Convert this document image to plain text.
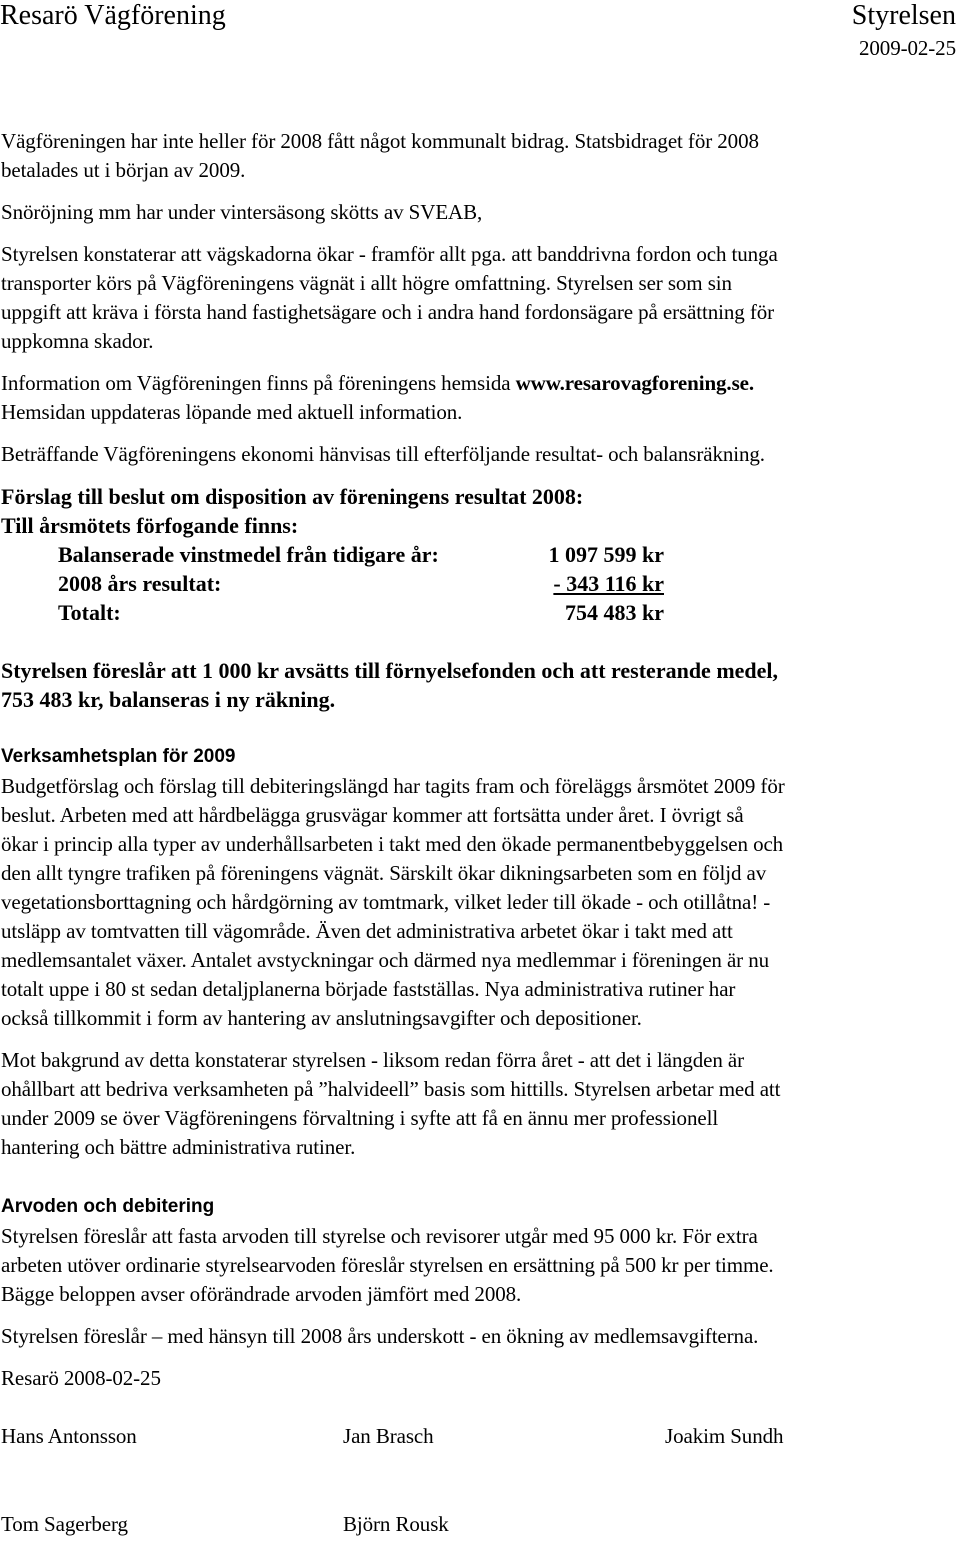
Resarö Vägförening	Styrelsen
2009-02-25
Vägföreningen har inte heller för 2008 fått något kommunalt bidrag. Statsbidraget för 2008
betalades ut i början av 2009.
Snöröjning mm har under vintersäsong skötts av SVEAB,
Styrelsen konstaterar att vägskadorna ökar - framför allt pga. att banddrivna fordon och tunga
transporter körs på Vägföreningens vägnät i allt högre omfattning. Styrelsen ser som sin
uppgift att kräva i första hand fastighetsägare och i andra hand fordonsägare på ersättning för
uppkomna skador.
Information om Vägföreningen finns på föreningens hemsida www.resarovagforening.se.
Hemsidan uppdateras löpande med aktuell information.
Beträffande Vägföreningens ekonomi hänvisas till efterföljande resultat- och balansräkning.
Förslag till beslut om disposition av föreningens resultat 2008:
Till årsmötets förfogande finns:
Balanserade vinstmedel från tidigare år:	1 097 599 kr
2008 års resultat:	- 343 116 kr
Totalt:	754 483 kr
Styrelsen föreslår att 1 000 kr avsätts till förnyelsefonden och att resterande medel,
753 483 kr, balanseras i ny räkning.
Verksamhetsplan för 2009
Budgetförslag och förslag till debiteringslängd har tagits fram och föreläggs årsmötet 2009 för
beslut. Arbeten med att hårdbelägga grusvägar kommer att fortsätta under året. I övrigt så
ökar i princip alla typer av underhållsarbeten i takt med den ökade permanentbebyggelsen och
den allt tyngre trafiken på föreningens vägnät. Särskilt ökar dikningsarbeten som en följd av
vegetationsborttagning och hårdgörning av tomtmark, vilket leder till ökade - och otillåtna! -
utsläpp av tomtvatten till vägområde. Även det administrativa arbetet ökar i takt med att
medlemsantalet växer. Antalet avstyckningar och därmed nya medlemmar i föreningen är nu
totalt uppe i 80 st sedan detaljplanerna började fastställas. Nya administrativa rutiner har
också tillkommit i form av hantering av anslutningsavgifter och depositioner.
Mot bakgrund av detta konstaterar styrelsen - liksom redan förra året - att det i längden är
ohållbart att bedriva verksamheten på ”halvideell” basis som hittills. Styrelsen arbetar med att
under 2009 se över Vägföreningens förvaltning i syfte att få en ännu mer professionell
hantering och bättre administrativa rutiner.
Arvoden och debitering
Styrelsen föreslår att fasta arvoden till styrelse och revisorer utgår med 95 000 kr. För extra
arbeten utöver ordinarie styrelsearvoden föreslår styrelsen en ersättning på 500 kr per timme.
Bägge beloppen avser oförändrade arvoden jämfört med 2008.
Styrelsen föreslår – med hänsyn till 2008 års underskott - en ökning av medlemsavgifterna.
Resarö 2008-02-25
Hans Antonsson	Jan Brasch	Joakim Sundh
Tom Sagerberg	Björn Rousk
